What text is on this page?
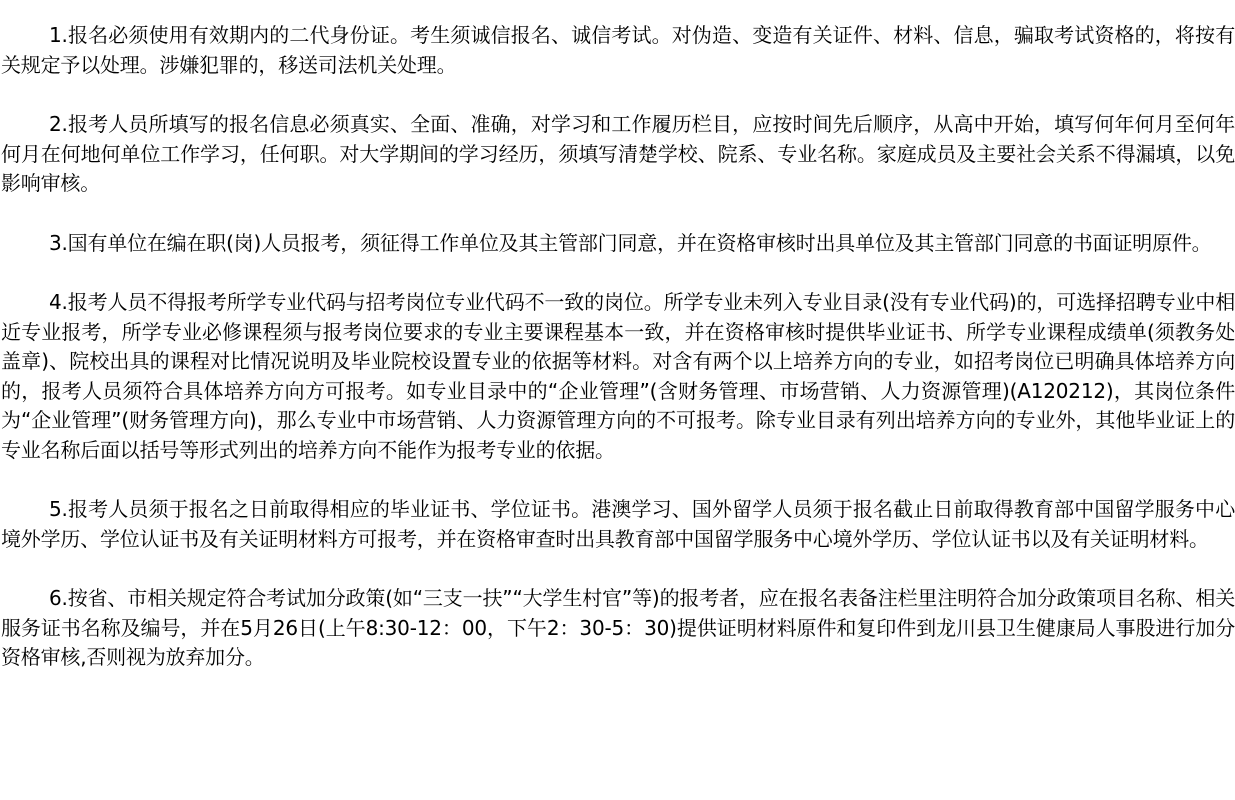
1.报名必须使用有效期内的二代身份证。考生须诚信报名、诚信考试。对伪造、变造有关证件、材料、信息，骗取考试资格的，将按有关规定予以处理。涉嫌犯罪的，移送司法机关处理。

2.报考人员所填写的报名信息必须真实、全面、准确，对学习和工作履历栏目，应按时间先后顺序，从高中开始，填写何年何月至何年何月在何地何单位工作学习，任何职。对大学期间的学习经历，须填写清楚学校、院系、专业名称。家庭成员及主要社会关系不得漏填，以免影响审核。

3.国有单位在编在职(岗)人员报考，须征得工作单位及其主管部门同意，并在资格审核时出具单位及其主管部门同意的书面证明原件。

4.报考人员不得报考所学专业代码与招考岗位专业代码不一致的岗位。所学专业未列入专业目录(没有专业代码)的，可选择招聘专业中相近专业报考，所学专业必修课程须与报考岗位要求的专业主要课程基本一致，并在资格审核时提供毕业证书、所学专业课程成绩单(须教务处盖章)、院校出具的课程对比情况说明及毕业院校设置专业的依据等材料。对含有两个以上培养方向的专业，如招考岗位已明确具体培养方向的，报考人员须符合具体培养方向方可报考。如专业目录中的“企业管理”(含财务管理、市场营销、人力资源管理)(A120212)，其岗位条件为“企业管理”(财务管理方向)，那么专业中市场营销、人力资源管理方向的不可报考。除专业目录有列出培养方向的专业外，其他毕业证上的专业名称后面以括号等形式列出的培养方向不能作为报考专业的依据。

5.报考人员须于报名之日前取得相应的毕业证书、学位证书。港澳学习、国外留学人员须于报名截止日前取得教育部中国留学服务中心境外学历、学位认证书及有关证明材料方可报考，并在资格审查时出具教育部中国留学服务中心境外学历、学位认证书以及有关证明材料。

6.按省、市相关规定符合考试加分政策(如“三支一扶”“大学生村官”等)的报考者，应在报名表备注栏里注明符合加分政策项目名称、相关服务证书名称及编号，并在5月26日(上午8:30-12：00，下午2：30-5：30)提供证明材料原件和复印件到龙川县卫生健康局人事股进行加分资格审核,否则视为放弃加分。
